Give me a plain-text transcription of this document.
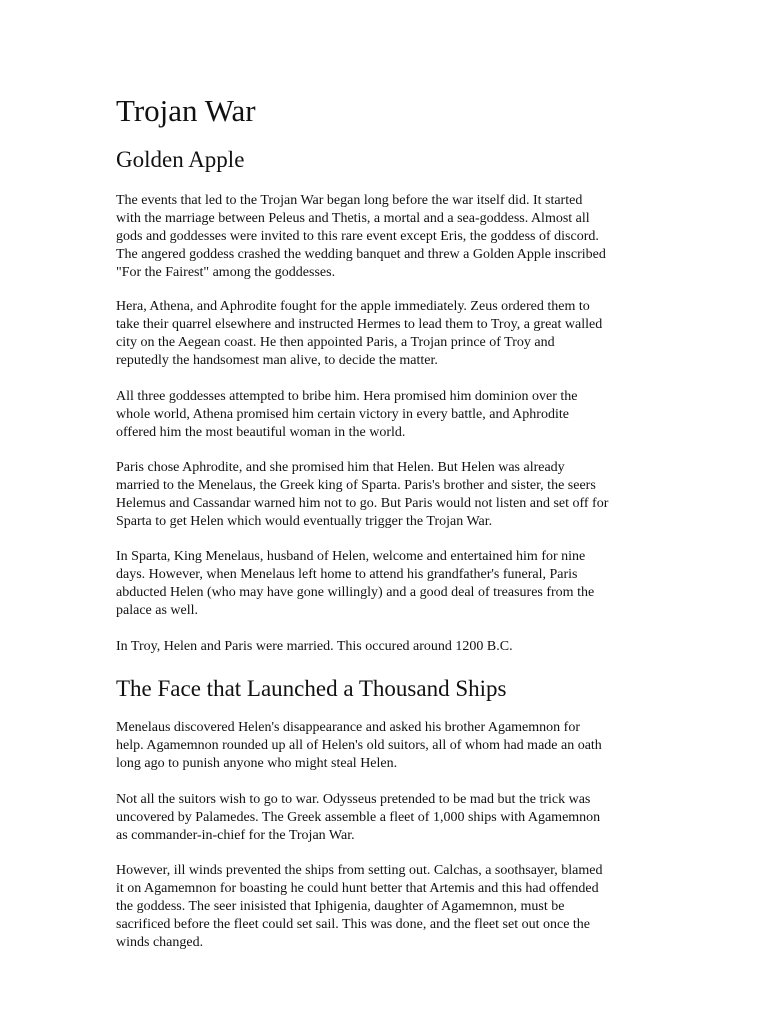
Trojan War
Golden Apple

The events that led to the Trojan War began long before the war itself did. It started
with the marriage between Peleus and Thetis, a mortal and a sea-goddess. Almost all
gods and goddesses were invited to this rare event except Eris, the goddess of discord.
The angered goddess crashed the wedding banquet and threw a Golden Apple inscribed
"For the Fairest" among the goddesses.

Hera, Athena, and Aphrodite fought for the apple immediately. Zeus ordered them to
take their quarrel elsewhere and instructed Hermes to lead them to Troy, a great walled
city on the Aegean coast. He then appointed Paris, a Trojan prince of Troy and
reputedly the handsomest man alive, to decide the matter.

All three goddesses attempted to bribe him. Hera promised him dominion over the
whole world, Athena promised him certain victory in every battle, and Aphrodite
offered him the most beautiful woman in the world.

Paris chose Aphrodite, and she promised him that Helen. But Helen was already
married to the Menelaus, the Greek king of Sparta. Paris's brother and sister, the seers
Helemus and Cassandar warned him not to go. But Paris would not listen and set off for
Sparta to get Helen which would eventually trigger the Trojan War.

In Sparta, King Menelaus, husband of Helen, welcome and entertained him for nine
days. However, when Menelaus left home to attend his grandfather's funeral, Paris
abducted Helen (who may have gone willingly) and a good deal of treasures from the
palace as well.

In Troy, Helen and Paris were married. This occured around 1200 B.C.

The Face that Launched a Thousand Ships

Menelaus discovered Helen's disappearance and asked his brother Agamemnon for
help. Agamemnon rounded up all of Helen's old suitors, all of whom had made an oath
long ago to punish anyone who might steal Helen.

Not all the suitors wish to go to war. Odysseus pretended to be mad but the trick was
uncovered by Palamedes. The Greek assemble a fleet of 1,000 ships with Agamemnon
as commander-in-chief for the Trojan War.

However, ill winds prevented the ships from setting out. Calchas, a soothsayer, blamed
it on Agamemnon for boasting he could hunt better that Artemis and this had offended
the goddess. The seer inisisted that Iphigenia, daughter of Agamemnon, must be
sacrificed before the fleet could set sail. This was done, and the fleet set out once the
winds changed.
